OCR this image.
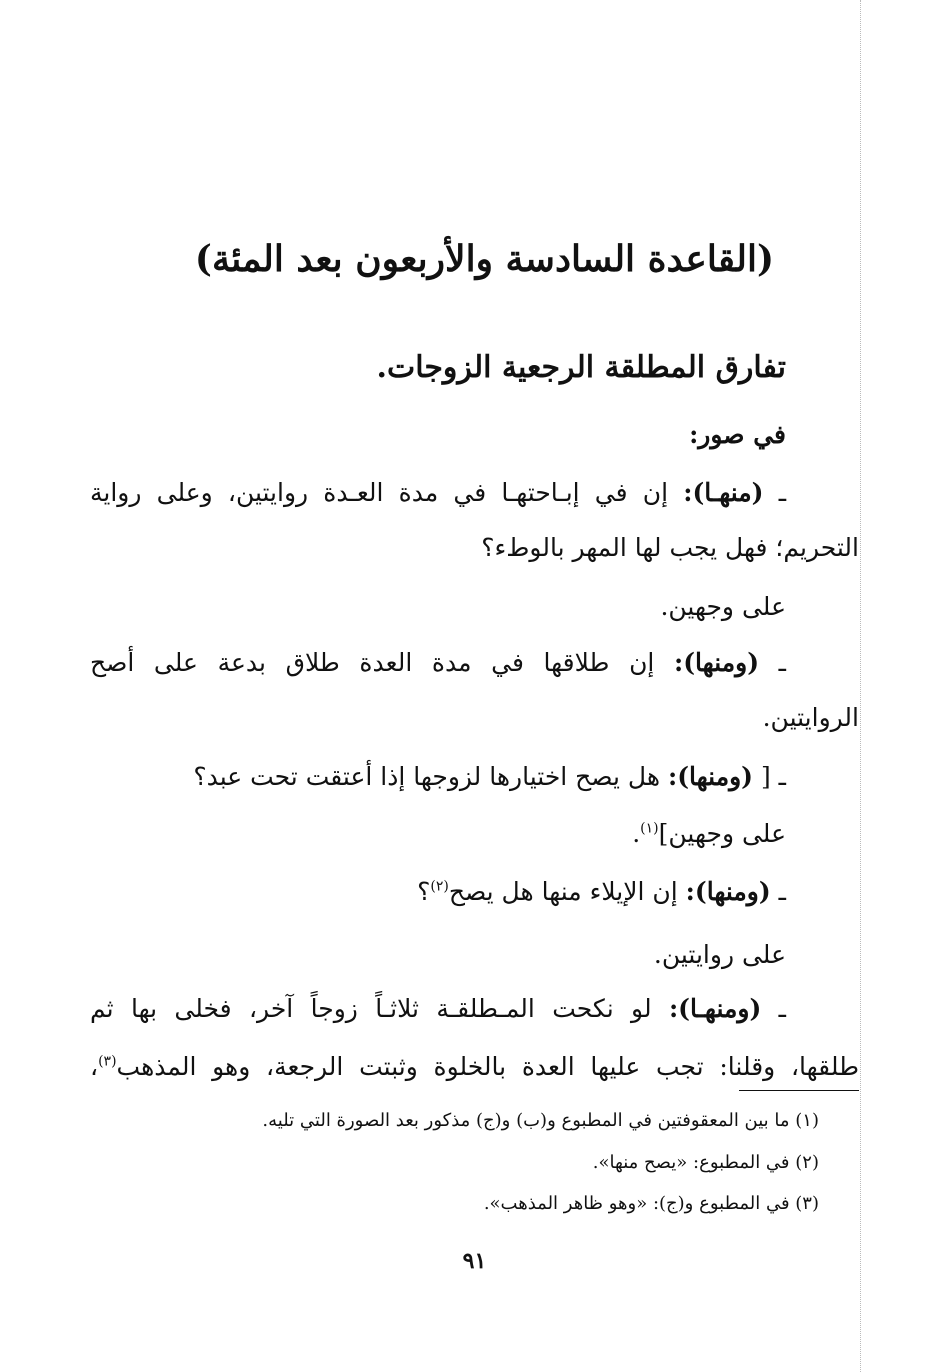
(القاعدة السادسة والأربعون بعد المئة)
تفارق المطلقة الرجعية الزوجات.
في صور:
ـ (منهـا): إن في إبـاحتهـا في مدة العـدة روايتين، وعلى رواية
التحريم؛ فهل يجب لها المهر بالوطء؟
على وجهين.
ـ (ومنها): إن طلاقها في مدة العدة طلاق بدعة على أصح
الروايتين.
ـ [ (ومنها): هل يصح اختيارها لزوجها إذا أعتقت تحت عبد؟
على وجهين]$^{(١)}$.
ـ (ومنها): إن الإيلاء منها هل يصح$^{(٢)}$؟
على روايتين.
ـ (ومنهـا): لو نكحت المـطلقـة ثلاثـاً زوجاً آخر، فخلى بها ثم
طلقها، وقلنا: تجب عليها العدة بالخلوة وثبتت الرجعة، وهو المذهب$^{(٣)}$،
(١) ما بين المعقوفتين في المطبوع و(ب) و(ج) مذكور بعد الصورة التي تليه.
(٢) في المطبوع: «يصح منها».
(٣) في المطبوع و(ج): «وهو ظاهر المذهب».
٩١
